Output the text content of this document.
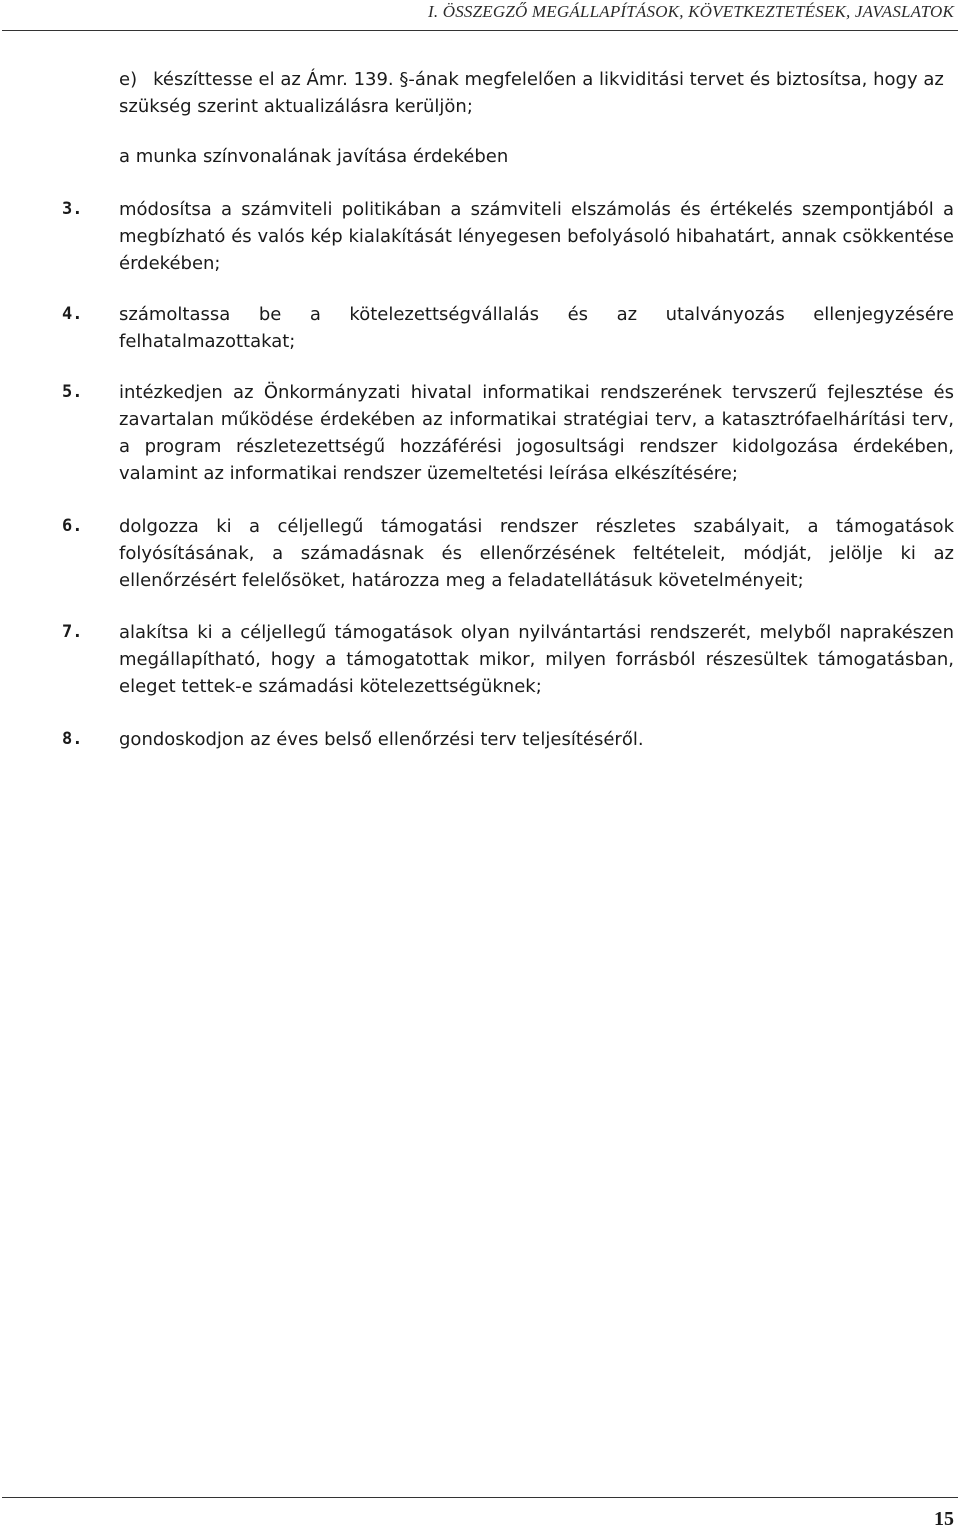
I. ÖSSZEGZŐ MEGÁLLAPÍTÁSOK, KÖVETKEZTETÉSEK, JAVASLATOK
e) készíttesse el az Ámr. 139. §-ának megfelelően a likviditási tervet és biztosítsa, hogy az szükség szerint aktualizálásra kerüljön;
a munka színvonalának javítása érdekében
3.	módosítsa a számviteli politikában a számviteli elszámolás és értékelés szempontjából a megbízható és valós kép kialakítását lényegesen befolyásoló hibahatárt, annak csökkentése érdekében;
4.	számoltassa be a kötelezettségvállalás és az utalványozás ellenjegyzésére felhatalmazottakat;
5.	intézkedjen az Önkormányzati hivatal informatikai rendszerének tervszerű fejlesztése és zavartalan működése érdekében az informatikai stratégiai terv, a katasztrófaelhárítási terv, a program részletezettségű hozzáférési jogosultsági rendszer kidolgozása érdekében, valamint az informatikai rendszer üzemeltetési leírása elkészítésére;
6.	dolgozza ki a céljellegű támogatási rendszer részletes szabályait, a támogatások folyósításának, a számadásnak és ellenőrzésének feltételeit, módját, jelölje ki az ellenőrzésért felelősöket, határozza meg a feladatellátásuk követelményeit;
7.	alakítsa ki a céljellegű támogatások olyan nyilvántartási rendszerét, melyből naprakészen megállapítható, hogy a támogatottak mikor, milyen forrásból részesültek támogatásban, eleget tettek-e számadási kötelezettségüknek;
8.	gondoskodjon az éves belső ellenőrzési terv teljesítéséről.
15
